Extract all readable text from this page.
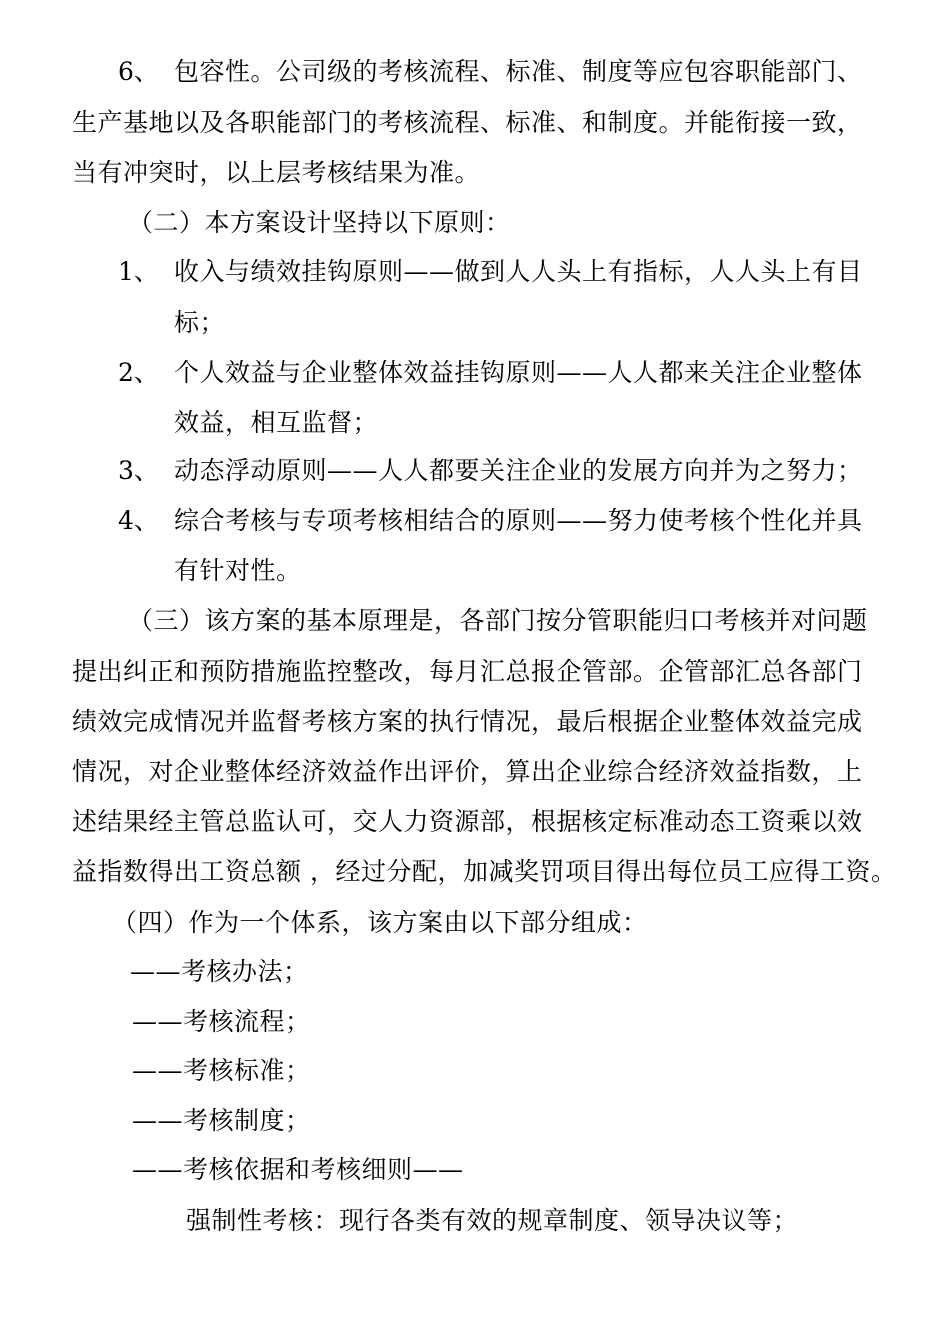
6、 包容性。公司级的考核流程、标准、制度等应包容职能部门、
生产基地以及各职能部门的考核流程、标准、和制度。并能衔接一致，
当有冲突时，以上层考核结果为准。
（二）本方案设计坚持以下原则：
1、 收入与绩效挂钩原则——做到人人头上有指标，人人头上有目
标；
2、 个人效益与企业整体效益挂钩原则——人人都来关注企业整体
效益，相互监督；
3、 动态浮动原则——人人都要关注企业的发展方向并为之努力；
4、 综合考核与专项考核相结合的原则——努力使考核个性化并具
有针对性。
（三）该方案的基本原理是，各部门按分管职能归口考核并对问题
提出纠正和预防措施监控整改，每月汇总报企管部。企管部汇总各部门
绩效完成情况并监督考核方案的执行情况，最后根据企业整体效益完成
情况，对企业整体经济效益作出评价，算出企业综合经济效益指数，上
述结果经主管总监认可，交人力资源部，根据核定标准动态工资乘以效
益指数得出工资总额 ，经过分配，加减奖罚项目得出每位员工应得工资。
（四）作为一个体系，该方案由以下部分组成：
——考核办法；
——考核流程；
——考核标准；
——考核制度；
——考核依据和考核细则——
强制性考核：现行各类有效的规章制度、领导决议等；
